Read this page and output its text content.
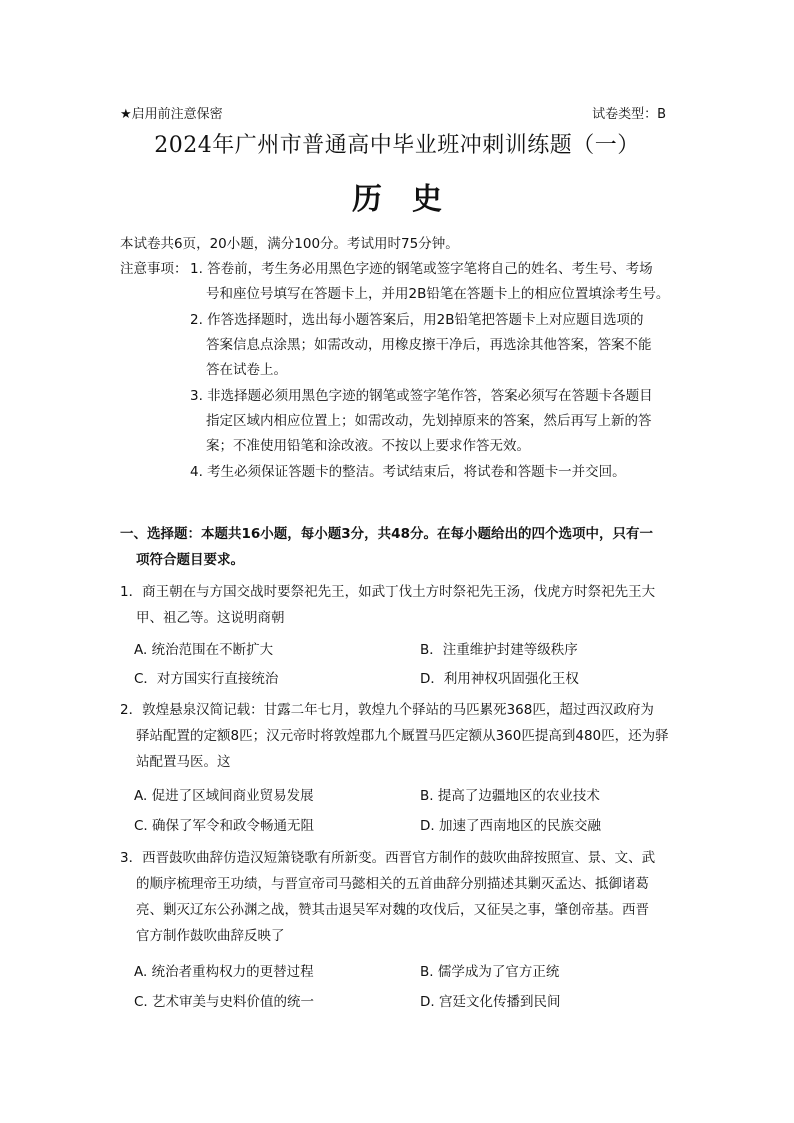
★启用前注意保密	试卷类型：B
2024年广州市普通高中毕业班冲刺训练题（一）
历史
本试卷共6页，20小题，满分100分。考试用时75分钟。
注意事项： 1. 答卷前，考生务必用黑色字迹的钢笔或签字笔将自己的姓名、考生号、考场
号和座位号填写在答题卡上，并用2B铅笔在答题卡上的相应位置填涂考生号。
2. 作答选择题时，选出每小题答案后，用2B铅笔把答题卡上对应题目选项的
答案信息点涂黑；如需改动，用橡皮擦干净后，再选涂其他答案，答案不能
答在试卷上。
3. 非选择题必须用黑色字迹的钢笔或签字笔作答，答案必须写在答题卡各题目
指定区域内相应位置上；如需改动，先划掉原来的答案，然后再写上新的答
案；不准使用铅笔和涂改液。不按以上要求作答无效。
4. 考生必须保证答题卡的整洁。考试结束后，将试卷和答题卡一并交回。
一、选择题：本题共16小题，每小题3分，共48分。在每小题给出的四个选项中，只有一
项符合题目要求。
1．商王朝在与方国交战时要祭祀先王，如武丁伐土方时祭祀先王汤，伐虎方时祭祀先王大
甲、祖乙等。这说明商朝
A. 统治范围在不断扩大	B．注重维护封建等级秩序
C．对方国实行直接统治	D．利用神权巩固强化王权
2．敦煌悬泉汉简记载：甘露二年七月，敦煌九个驿站的马匹累死368匹，超过西汉政府为
驿站配置的定额8匹；汉元帝时将敦煌郡九个厩置马匹定额从360匹提高到480匹，还为驿
站配置马医。这
A. 促进了区域间商业贸易发展	B. 提高了边疆地区的农业技术
C. 确保了军令和政令畅通无阻	D. 加速了西南地区的民族交融
3．西晋鼓吹曲辞仿造汉短箫铙歌有所新变。西晋官方制作的鼓吹曲辞按照宣、景、文、武
的顺序梳理帝王功绩，与晋宣帝司马懿相关的五首曲辞分别描述其剿灭孟达、抵御诸葛
亮、剿灭辽东公孙渊之战，赞其击退吴军对魏的攻伐后，又征吴之事，肇创帝基。西晋
官方制作鼓吹曲辞反映了
A. 统治者重构权力的更替过程	B. 儒学成为了官方正统
C. 艺术审美与史料价值的统一	D. 宫廷文化传播到民间
